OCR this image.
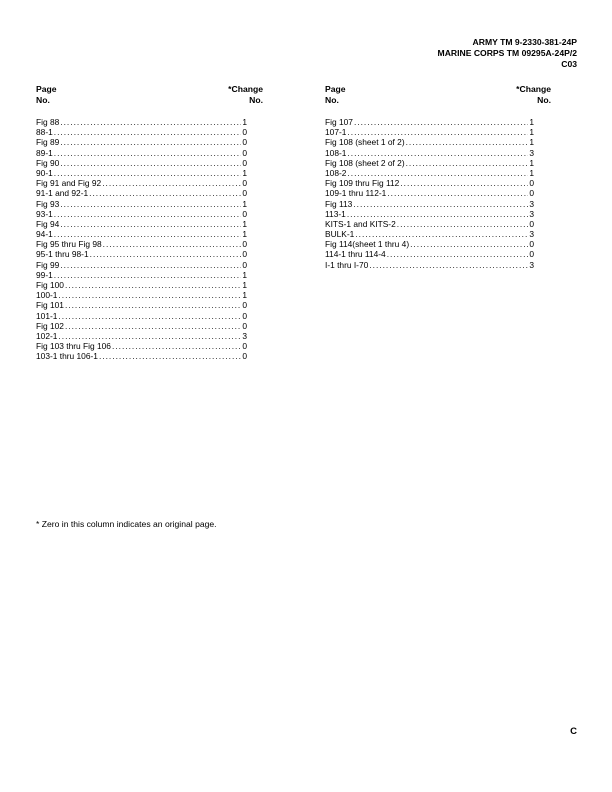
ARMY TM 9-2330-381-24P
MARINE CORPS TM 09295A-24P/2
C03
Page
No.
*Change
No.
Page
No.
*Change
No.
Fig 88 .....	1
88-1 .....	0
Fig 89 .....	0
89-1 .....	0
Fig 90 .....	0
90-1 .....	1
Fig 91 and Fig 92 .....	0
91-1 and 92-1 .....	0
Fig 93 .....	1
93-1 .....	0
Fig 94 .....	1
94-1 .....	1
Fig 95 thru Fig 98 .....	0
95-1 thru 98-1 .....	0
Fig 99 .....	0
99-1 .....	1
Fig 100 .....	1
100-1 .....	1
Fig 101 .....	0
101-1 .....	0
Fig 102 .....	0
102-1 .....	3
Fig 103 thru Fig 106 .....	0
103-1 thru 106-1 .....	0
Fig 107 .....	1
107-1 .....	1
Fig 108 (sheet 1 of 2) .....	1
108-1 .....	3
Fig 108 (sheet 2 of 2) .....	1
108-2 .....	1
Fig 109 thru Fig 112 .....	0
109-1 thru 112-1 .....	0
Fig 113 .....	3
113-1 .....	3
KITS-1 and KITS-2 .....	0
BULK-1 .....	3
Fig 114(sheet 1 thru 4) .....	0
114-1 thru 114-4 .....	0
I-1 thru I-70 .....	3
* Zero in this column indicates an original page.
C
